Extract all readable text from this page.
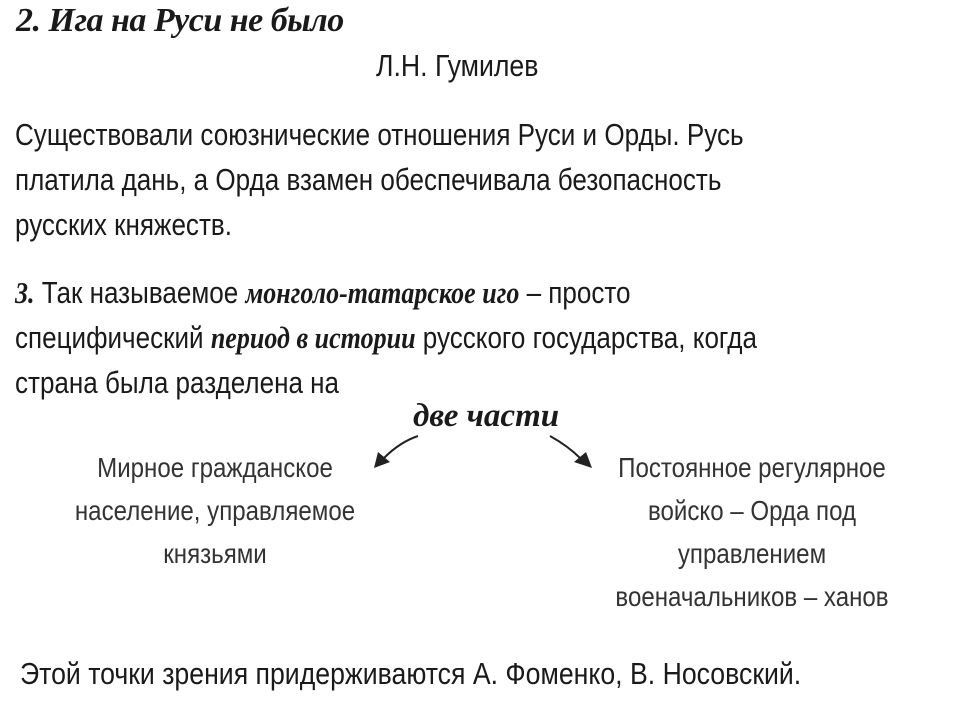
2. Ига на Руси не было
Л.Н. Гумилев
Существовали союзнические отношения Руси и Орды. Русь
платила дань, а Орда взамен обеспечивала безопасность
русских княжеств.
3. Так называемое монголо-татарское иго – просто
специфический период в истории русского государства, когда
страна была разделена на
две части
Мирное гражданское
население, управляемое
князьями
Постоянное регулярное
войско – Орда под
управлением
военачальников – ханов
Этой точки зрения придерживаются А. Фоменко, В. Носовский.
